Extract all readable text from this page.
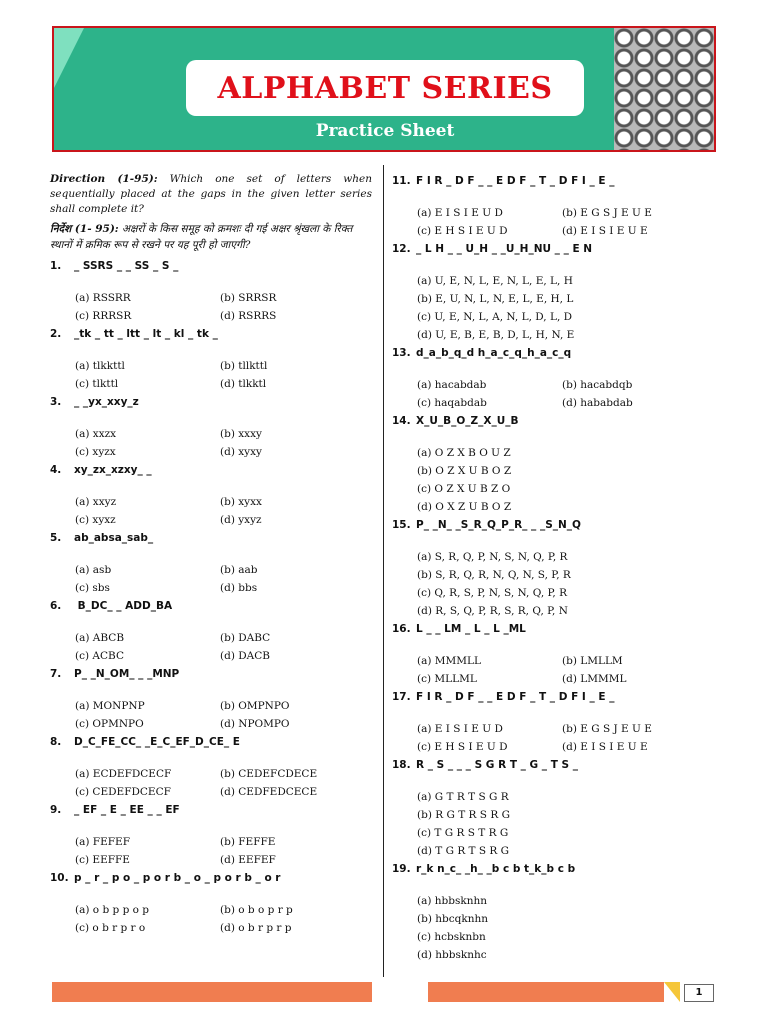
ALPHABET SERIES
Practice Sheet

Direction (1-95): Which one set of letters when sequentially placed at the gaps in the given letter series shall complete it?

निर्देश (1- 95): अक्षरों के किस समूह को क्रमशः दी गई अक्षर श्रृंखला के रिक्त स्थानों में क्रमिक रूप से रखने पर यह पूरी हो जाएगी?

1. _ SSRS _ _ SS _ S _
(a) RSSRR	(b) SRRSR
(c) RRRSR	(d) RSRRS
2. _tk _ tt _ ltt _ lt _ kl _ tk _
(a) tlkkttl	(b) tllkttl
(c) tlkttl	(d) tlkktl
3. _ _yx_xxy_z
(a) xxzx	(b) xxxy
(c) xyzx	(d) xyxy
4. xy_zx_xzxy_ _
(a) xxyz	(b) xyxx
(c) xyxz	(d) yxyz
5. ab_absa_sab_
(a) asb	(b) aab
(c) sbs	(d) bbs
6. B_DC_ _ ADD_BA
(a) ABCB	(b) DABC
(c) ACBC	(d) DACB
7. P_ _N_OM_ _ _MNP
(a) MONPNP	(b) OMPNPO
(c) OPMNPO	(d) NPOMPO
8. D_C_FE_CC_ _E_C_EF_D_CE_ E
(a) ECDEFDCECF	(b) CEDEFCDECE
(c) CEDEFDCECF	(d) CEDFEDCECE
9. _ EF _ E _ EE _ _ EF
(a) FEFEF	(b) FEFFE
(c) EEFFE	(d) EEFEF
10. p _ r _ p o _ p o r b _ o _ p o r b _ o r
(a) o b p p o p	(b) o b o p r p
(c) o b r p r o	(d) o b r p r p
11. F I R _ D F _ _ E D F _ T _ D F I _ E _
(a) E I S I E U D	(b) E G S J E U E
(c) E H S I E U D	(d) E I S I E U E
12. _ L H _ _ U_H _ _U_H_NU _ _ E N
(a) U, E, N, L, E, N, L, E, L, H
(b) E, U, N, L, N, E, L, E, H, L
(c) U, E, N, L, A, N, L, D, L, D
(d) U, E, B, E, B, D, L, H, N, E
13. d_a_b_q_d h_a_c_q_h_a_c_q
(a) hacabdab	(b) hacabdqb
(c) haqabdab	(d) hababdab
14. X_U_B_O_Z_X_U_B
(a) O Z X B O U Z
(b) O Z X U B O Z
(c) O Z X U B Z O
(d) O X Z U B O Z
15. P_ _N_ _S_R_Q_P_R_ _ _S_N_Q
(a) S, R, Q, P, N, S, N, Q, P, R
(b) S, R, Q, R, N, Q, N, S, P, R
(c) Q, R, S, P, N, S, N, Q, P, R
(d) R, S, Q, P, R, S, R, Q, P, N
16. L _ _ LM _ L _ L _ML
(a) MMMLL	(b) LMLLM
(c) MLLML	(d) LMMML
17. F I R _ D F _ _ E D F _ T _ D F I _ E _
(a) E I S I E U D	(b) E G S J E U E
(c) E H S I E U D	(d) E I S I E U E
18. R _ S _ _ _ S G R T _ G _ T S _
(a) G T R T S G R
(b) R G T R S R G
(c) T G R S T R G
(d) T G R T S R G
19. r_k n_c_ _h_ _b c b t_k_b c b
(a) hbbsknhn
(b) hbcqknhn
(c) hcbsknbn
(d) hbbsknhc
1
